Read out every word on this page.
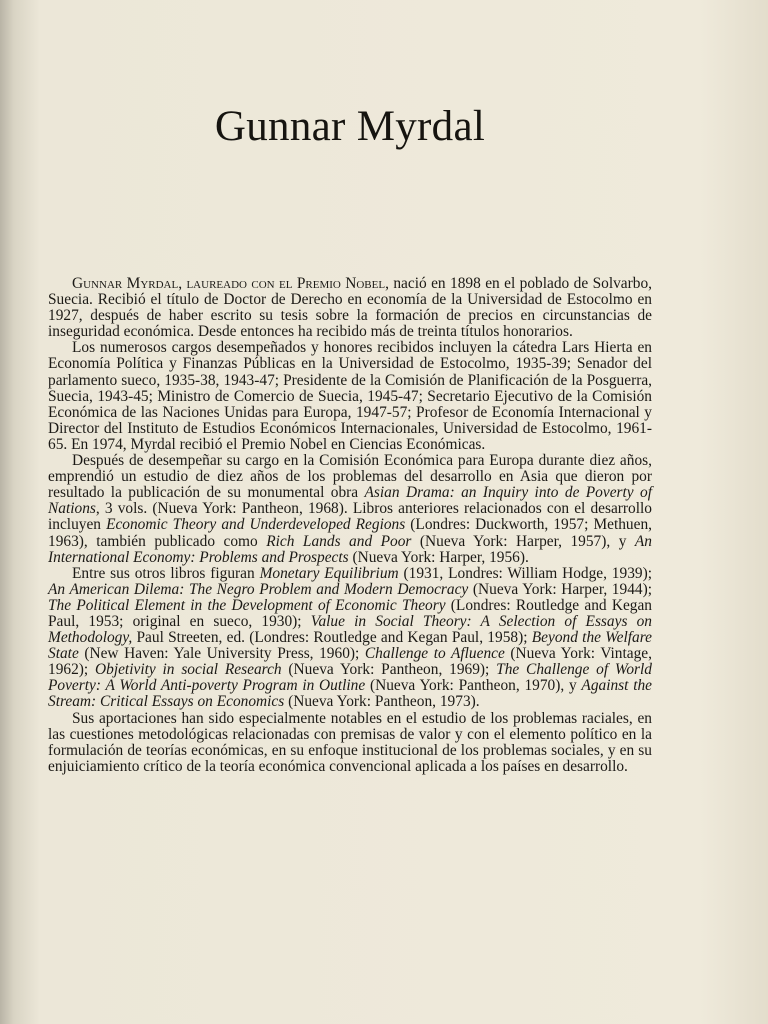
Gunnar Myrdal

Gunnar Myrdal, laureado con el Premio Nobel, nació en 1898 en el poblado de Solvarbo, Suecia. Recibió el título de Doctor de Derecho en economía de la Universidad de Estocolmo en 1927, después de haber escrito su tesis sobre la formación de precios en circunstancias de inseguridad económica. Desde entonces ha recibido más de treinta títulos honorarios.

Los numerosos cargos desempeñados y honores recibidos incluyen la cátedra Lars Hierta en Economía Política y Finanzas Públicas en la Universidad de Estocolmo, 1935-39; Senador del parlamento sueco, 1935-38, 1943-47; Presidente de la Comisión de Planificación de la Posguerra, Suecia, 1943-45; Ministro de Comercio de Suecia, 1945-47; Secretario Ejecutivo de la Comisión Económica de las Naciones Unidas para Europa, 1947-57; Profesor de Economía Internacional y Director del Instituto de Estudios Económicos Internacionales, Universidad de Estocolmo, 1961-65. En 1974, Myrdal recibió el Premio Nobel en Ciencias Económicas.

Después de desempeñar su cargo en la Comisión Económica para Europa durante diez años, emprendió un estudio de diez años de los problemas del desarrollo en Asia que dieron por resultado la publicación de su monumental obra Asian Drama: an Inquiry into de Poverty of Nations, 3 vols. (Nueva York: Pantheon, 1968). Libros anteriores relacionados con el desarrollo incluyen Economic Theory and Underdeveloped Regions (Londres: Duckworth, 1957; Methuen, 1963), también publicado como Rich Lands and Poor (Nueva York: Harper, 1957), y An International Economy: Problems and Prospects (Nueva York: Harper, 1956).

Entre sus otros libros figuran Monetary Equilibrium (1931, Londres: William Hodge, 1939); An American Dilema: The Negro Problem and Modern Democracy (Nueva York: Harper, 1944); The Political Element in the Development of Economic Theory (Londres: Routledge and Kegan Paul, 1953; original en sueco, 1930); Value in Social Theory: A Selection of Essays on Methodology, Paul Streeten, ed. (Londres: Routledge and Kegan Paul, 1958); Beyond the Welfare State (New Haven: Yale University Press, 1960); Challenge to Afluence (Nueva York: Vintage, 1962); Objetivity in social Research (Nueva York: Pantheon, 1969); The Challenge of World Poverty: A World Anti-poverty Program in Outline (Nueva York: Pantheon, 1970), y Against the Stream: Critical Essays on Economics (Nueva York: Pantheon, 1973).

Sus aportaciones han sido especialmente notables en el estudio de los problemas raciales, en las cuestiones metodológicas relacionadas con premisas de valor y con el elemento político en la formulación de teorías económicas, en su enfoque institucional de los problemas sociales, y en su enjuiciamiento crítico de la teoría económica convencional aplicada a los países en desarrollo.
